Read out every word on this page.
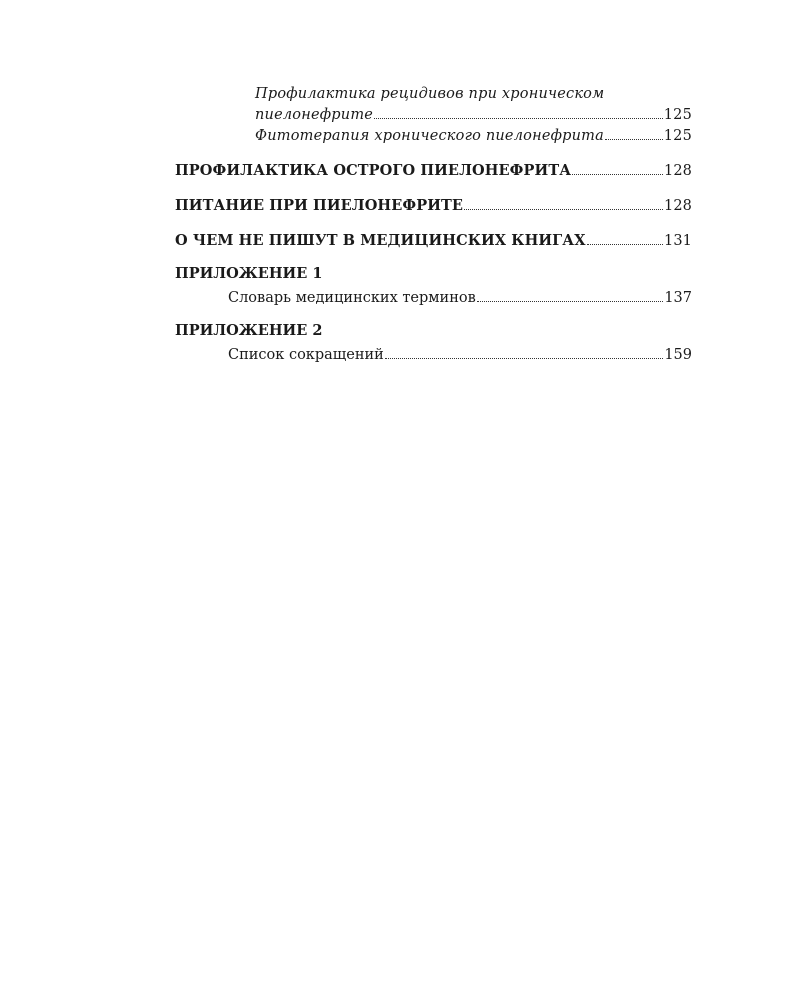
Профилактика рецидивов при хроническом
пиелонефрите	125
Фитотерапия хронического пиелонефрита	125
ПРОФИЛАКТИКА ОСТРОГО ПИЕЛОНЕФРИТА	128
ПИТАНИЕ ПРИ ПИЕЛОНЕФРИТЕ	128
О ЧЕМ НЕ ПИШУТ В МЕДИЦИНСКИХ КНИГАХ	131
ПРИЛОЖЕНИЕ 1
Словарь медицинских терминов	137
ПРИЛОЖЕНИЕ 2
Список сокращений	159
